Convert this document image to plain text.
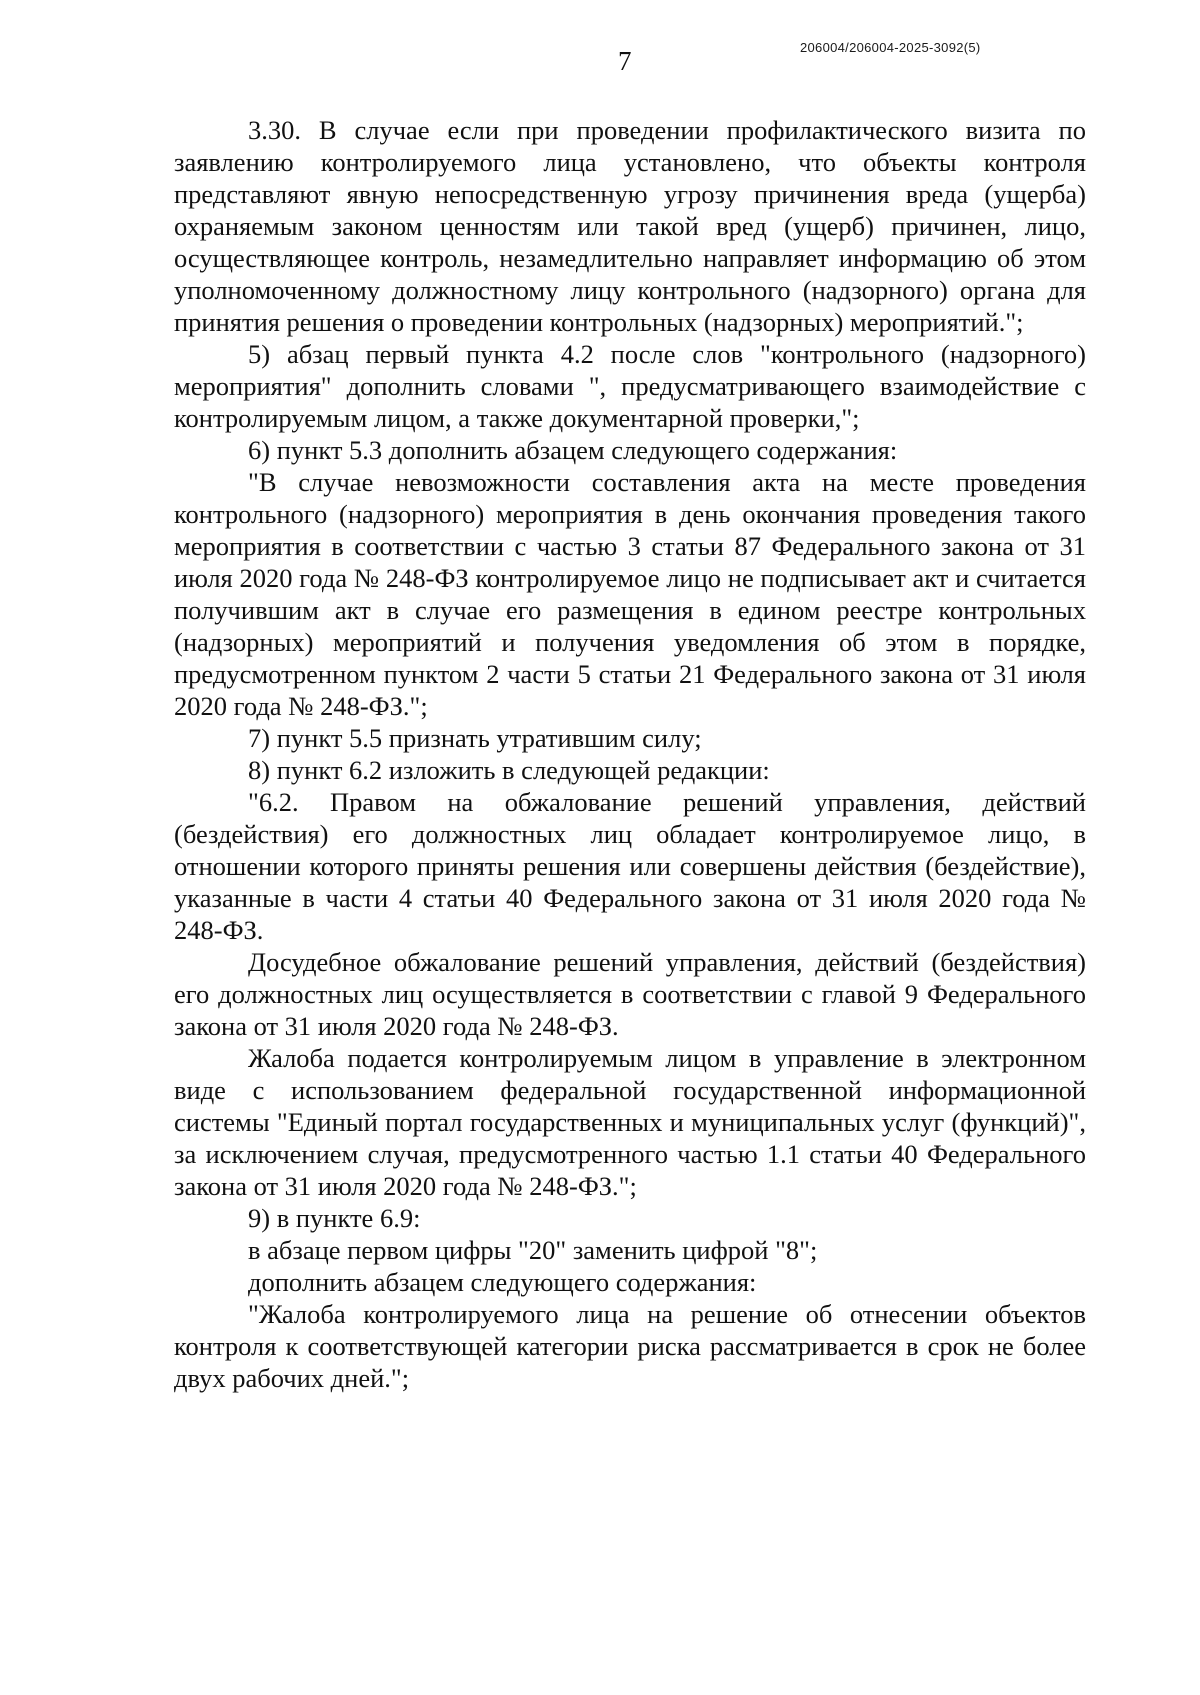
206004/206004-2025-3092(5)
7

3.30. В случае если при проведении профилактического визита по заявлению контролируемого лица установлено, что объекты контроля представляют явную непосредственную угрозу причинения вреда (ущерба) охраняемым законом ценностям или такой вред (ущерб) причинен, лицо, осуществляющее контроль, незамедлительно направляет информацию об этом уполномоченному должностному лицу контрольного (надзорного) органа для принятия решения о проведении контрольных (надзорных) мероприятий.";

5) абзац первый пункта 4.2 после слов "контрольного (надзорного) мероприятия" дополнить словами ", предусматривающего взаимодействие с контролируемым лицом, а также документарной проверки,";

6) пункт 5.3 дополнить абзацем следующего содержания:

"В случае невозможности составления акта на месте проведения контрольного (надзорного) мероприятия в день окончания проведения такого мероприятия в соответствии с частью 3 статьи 87 Федерального закона от 31 июля 2020 года № 248-ФЗ контролируемое лицо не подписывает акт и считается получившим акт в случае его размещения в едином реестре контрольных (надзорных) мероприятий и получения уведомления об этом в порядке, предусмотренном пунктом 2 части 5 статьи 21 Федерального закона от 31 июля 2020 года № 248-ФЗ.";

7) пункт 5.5 признать утратившим силу;

8) пункт 6.2 изложить в следующей редакции:

"6.2. Правом на обжалование решений управления, действий (бездействия) его должностных лиц обладает контролируемое лицо, в отношении которого приняты решения или совершены действия (бездействие), указанные в части 4 статьи 40 Федерального закона от 31 июля 2020 года № 248-ФЗ.

Досудебное обжалование решений управления, действий (бездействия) его должностных лиц осуществляется в соответствии с главой 9 Федерального закона от 31 июля 2020 года № 248-ФЗ.

Жалоба подается контролируемым лицом в управление в электронном виде с использованием федеральной государственной информационной системы "Единый портал государственных и муниципальных услуг (функций)", за исключением случая, предусмотренного частью 1.1 статьи 40 Федерального закона от 31 июля 2020 года № 248-ФЗ.";

9) в пункте 6.9:

в абзаце первом цифры "20" заменить цифрой "8";

дополнить абзацем следующего содержания:

"Жалоба контролируемого лица на решение об отнесении объектов контроля к соответствующей категории риска рассматривается в срок не более двух рабочих дней.";
